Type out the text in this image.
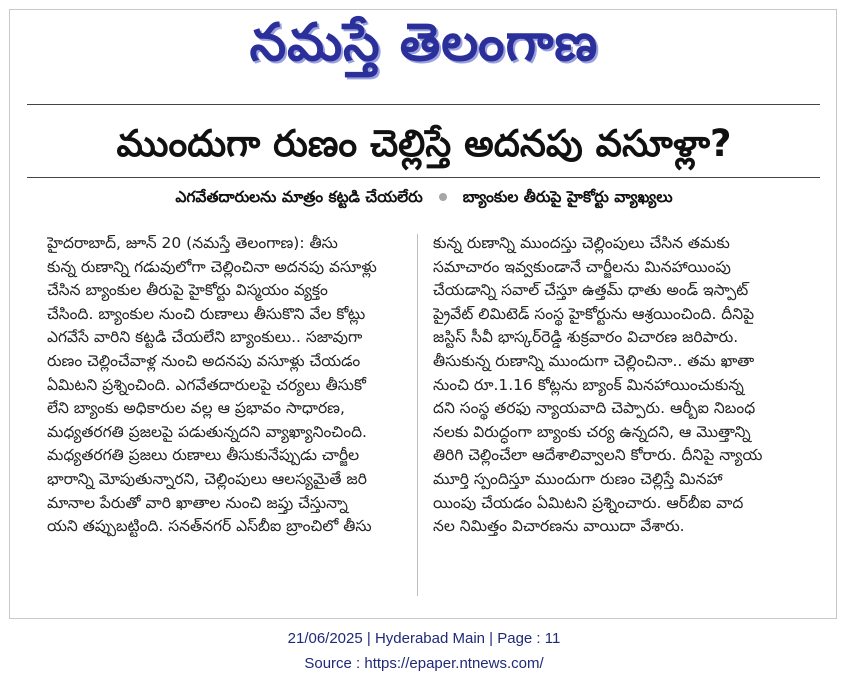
నమస్తే తెలంగాణ
ముందుగా రుణం చెల్లిస్తే అదనపు వసూళ్లా?
ఎగవేతదారులను మాత్రం కట్టడి చేయలేరు	బ్యాంకుల తీరుపై హైకోర్టు వ్యాఖ్యలు
హైదరాబాద్, జూన్ 20 (నమస్తే తెలంగాణ): తీసు
కున్న రుణాన్ని గడువులోగా చెల్లించినా అదనపు వసూళ్లు
చేసిన బ్యాంకుల తీరుపై హైకోర్టు విస్మయం వ్యక్తం
చేసింది. బ్యాంకుల నుంచి రుణాలు తీసుకొని వేల కోట్లు
ఎగవేసే వారిని కట్టడి చేయలేని బ్యాంకులు.. సజావుగా
రుణం చెల్లించేవాళ్ల నుంచి అదనపు వసూళ్లు చేయడం
ఏమిటని ప్రశ్నించింది. ఎగవేతదారులపై చర్యలు తీసుకో
లేని బ్యాంకు అధికారుల వల్ల ఆ ప్రభావం సాధారణ,
మధ్యతరగతి ప్రజలపై పడుతున్నదని వ్యాఖ్యానించింది.
మధ్యతరగతి ప్రజలు రుణాలు తీసుకునేప్పుడు చార్జీల
భారాన్ని మోపుతున్నారని, చెల్లింపులు ఆలస్యమైతే జరి
మానాల పేరుతో వారి ఖాతాల నుంచి జప్తు చేస్తున్నా
యని తప్పుబట్టింది. సనత్‌నగర్ ఎస్‌బీఐ బ్రాంచిలో తీసు
కున్న రుణాన్ని ముందస్తు చెల్లింపులు చేసిన తమకు
సమాచారం ఇవ్వకుండానే చార్జీలను మినహాయింపు
చేయడాన్ని సవాల్ చేస్తూ ఉత్తమ్ ధాతు అండ్ ఇస్పాట్
ప్రైవేట్ లిమిటెడ్ సంస్థ హైకోర్టును ఆశ్రయించింది. దీనిపై
జస్టిస్ సీవీ భాస్కర్‌రెడ్డి శుక్రవారం విచారణ జరిపారు.
తీసుకున్న రుణాన్ని ముందుగా చెల్లించినా.. తమ ఖాతా
నుంచి రూ.1.16 కోట్లను బ్యాంక్ మినహాయించుకున్న
దని సంస్థ తరఫు న్యాయవాది చెప్పారు. ఆర్బీఐ నిబంధ
నలకు విరుద్ధంగా బ్యాంకు చర్య ఉన్నదని, ఆ మొత్తాన్ని
తిరిగి చెల్లించేలా ఆదేశాలివ్వాలని కోరారు. దీనిపై న్యాయ
మూర్తి స్పందిస్తూ ముందుగా రుణం చెల్లిస్తే మినహా
యింపు చేయడం ఏమిటని ప్రశ్నించారు. ఆర్‌బీఐ వాద
నల నిమిత్తం విచారణను వాయిదా వేశారు.
21/06/2025 | Hyderabad Main | Page : 11
Source : https://epaper.ntnews.com/
